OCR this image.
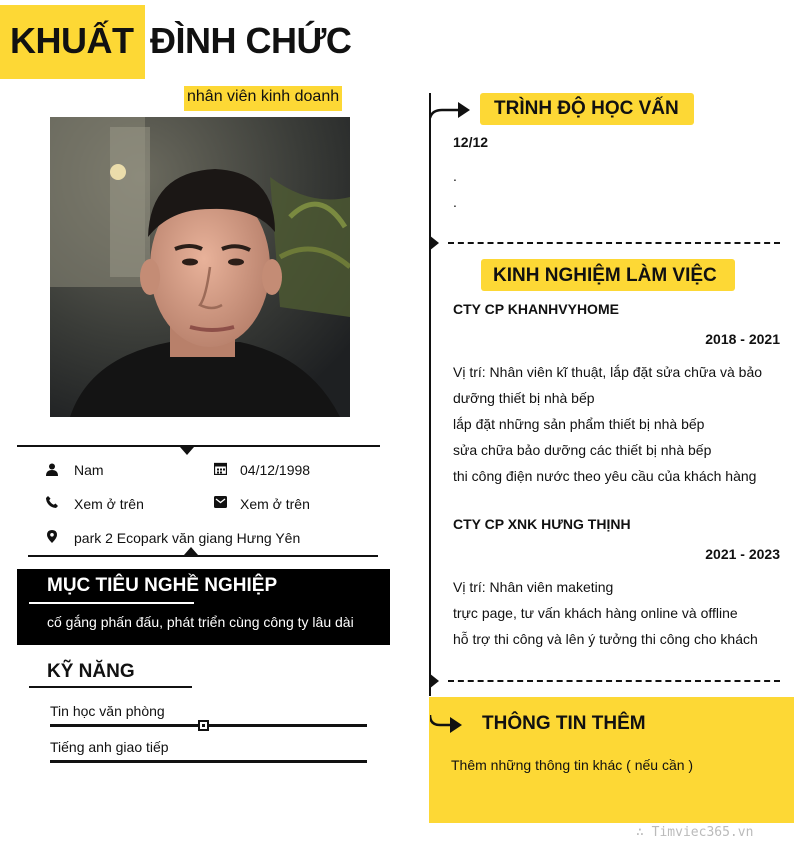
KHUẤT ĐÌNH CHỨC
nhân viên kinh doanh
Nam	04/12/1998
Xem ở trên	Xem ở trên
park 2 Ecopark văn giang Hưng Yên
MỤC TIÊU NGHỀ NGHIỆP
cố gắng phấn đấu, phát triển cùng công ty lâu dài
KỸ NĂNG
Tin học văn phòng
Tiếng anh giao tiếp
TRÌNH ĐỘ HỌC VẤN
12/12
.
.
KINH NGHIỆM LÀM VIỆC
CTY CP KHANHVYHOME
2018 - 2021
Vị trí: Nhân viên kĩ thuật, lắp đặt sửa chữa và bảo
dưỡng thiết bị nhà bếp
lắp đặt những sản phẩm thiết bị nhà bếp
sửa chữa bảo dưỡng các thiết bị nhà bếp
thi công điện nước theo yêu cầu của khách hàng
CTY CP XNK HƯNG THỊNH
2021 - 2023
Vị trí: Nhân viên maketing
trực page, tư vấn khách hàng online và offline
hỗ trợ thi công và lên ý tưởng thi công cho khách
THÔNG TIN THÊM
Thêm những thông tin khác ( nếu cần )
∴ Timviec365.vn
